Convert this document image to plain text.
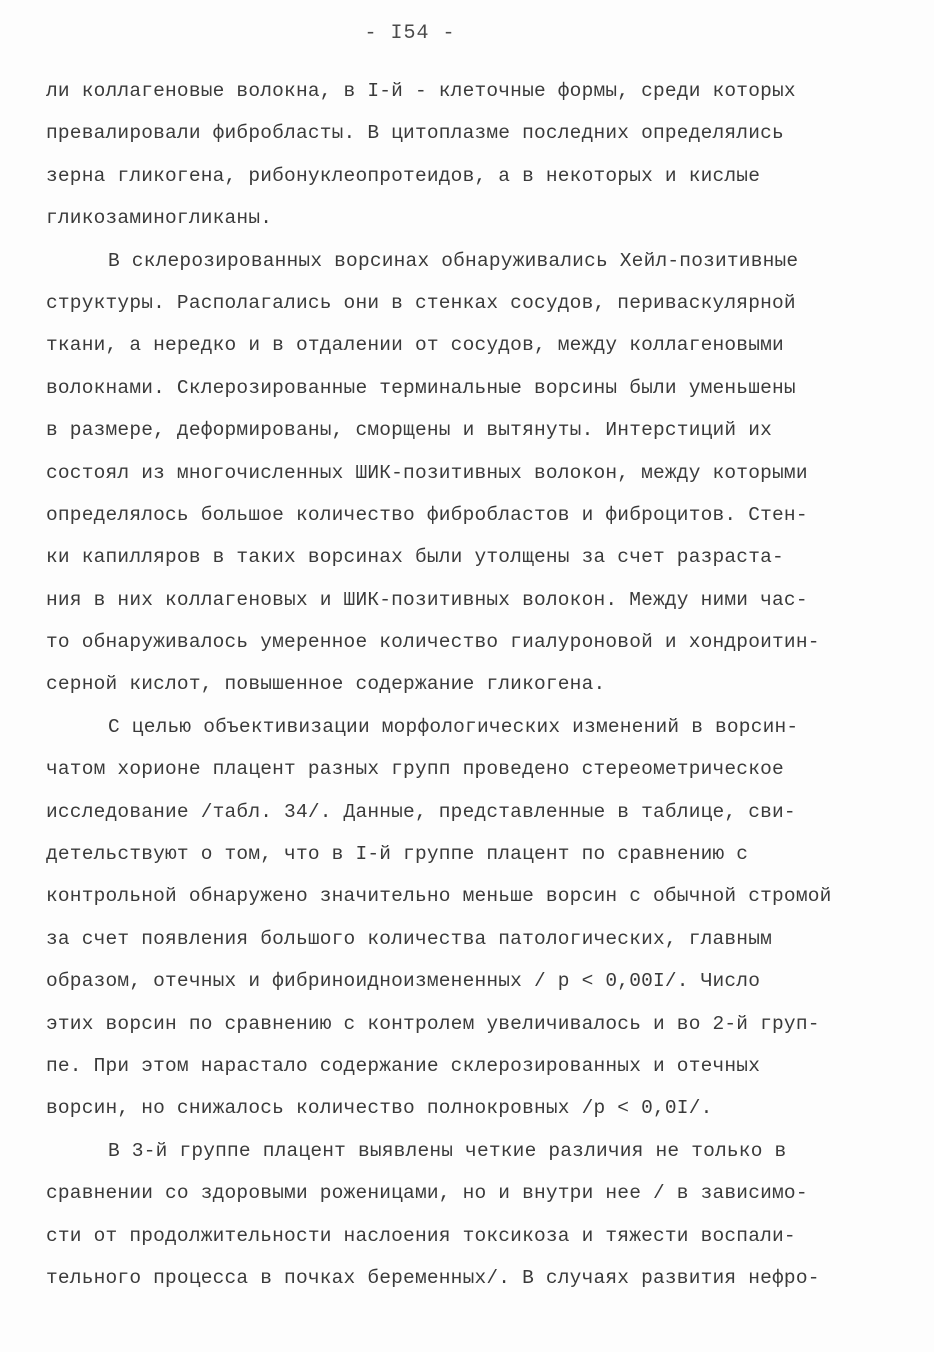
- I54 -
ли коллагеновые волокна, в I-й - клеточные формы, среди которых
превалировали фибробласты. В цитоплазме последних определялись
зерна гликогена, рибонуклеопротеидов, а в некоторых и кислые
гликозаминогликаны.
В склерозированных ворсинах обнаруживались Хейл-позитивные
структуры. Располагались они в стенках сосудов, периваскулярной
ткани, а нередко и в отдалении от сосудов, между коллагеновыми
волокнами. Склерозированные терминальные ворсины были уменьшены
в размере, деформированы, сморщены и вытянуты. Интерстиций их
состоял из многочисленных ШИК-позитивных волокон, между которыми
определялось большое количество фибробластов и фиброцитов. Стен-
ки капилляров в таких ворсинах были утолщены за счет разраста-
ния в них коллагеновых и ШИК-позитивных волокон. Между ними час-
то обнаруживалось умеренное количество гиалуроновой и хондроитин-
серной кислот, повышенное содержание гликогена.
С целью объективизации морфологических изменений в ворсин-
чатом хорионе плацент разных групп проведено стереометрическое
исследование /табл. 34/. Данные, представленные в таблице, сви-
детельствуют о том, что в I-й группе плацент по сравнению с
контрольной обнаружено значительно меньше ворсин с обычной стромой
за счет появления большого количества патологических, главным
образом, отечных и фибриноидноизмененных / р < 0,00I/. Число
этих ворсин по сравнению с контролем увеличивалось и во 2-й груп-
пе. При этом нарастало содержание склерозированных и отечных
ворсин, но снижалось количество полнокровных /р < 0,0I/.
В 3-й группе плацент выявлены четкие различия не только в
сравнении со здоровыми роженицами, но и внутри нее / в зависимо-
сти от продолжительности наслоения токсикоза и тяжести воспали-
тельного процесса в почках беременных/. В случаях развития нефро-
